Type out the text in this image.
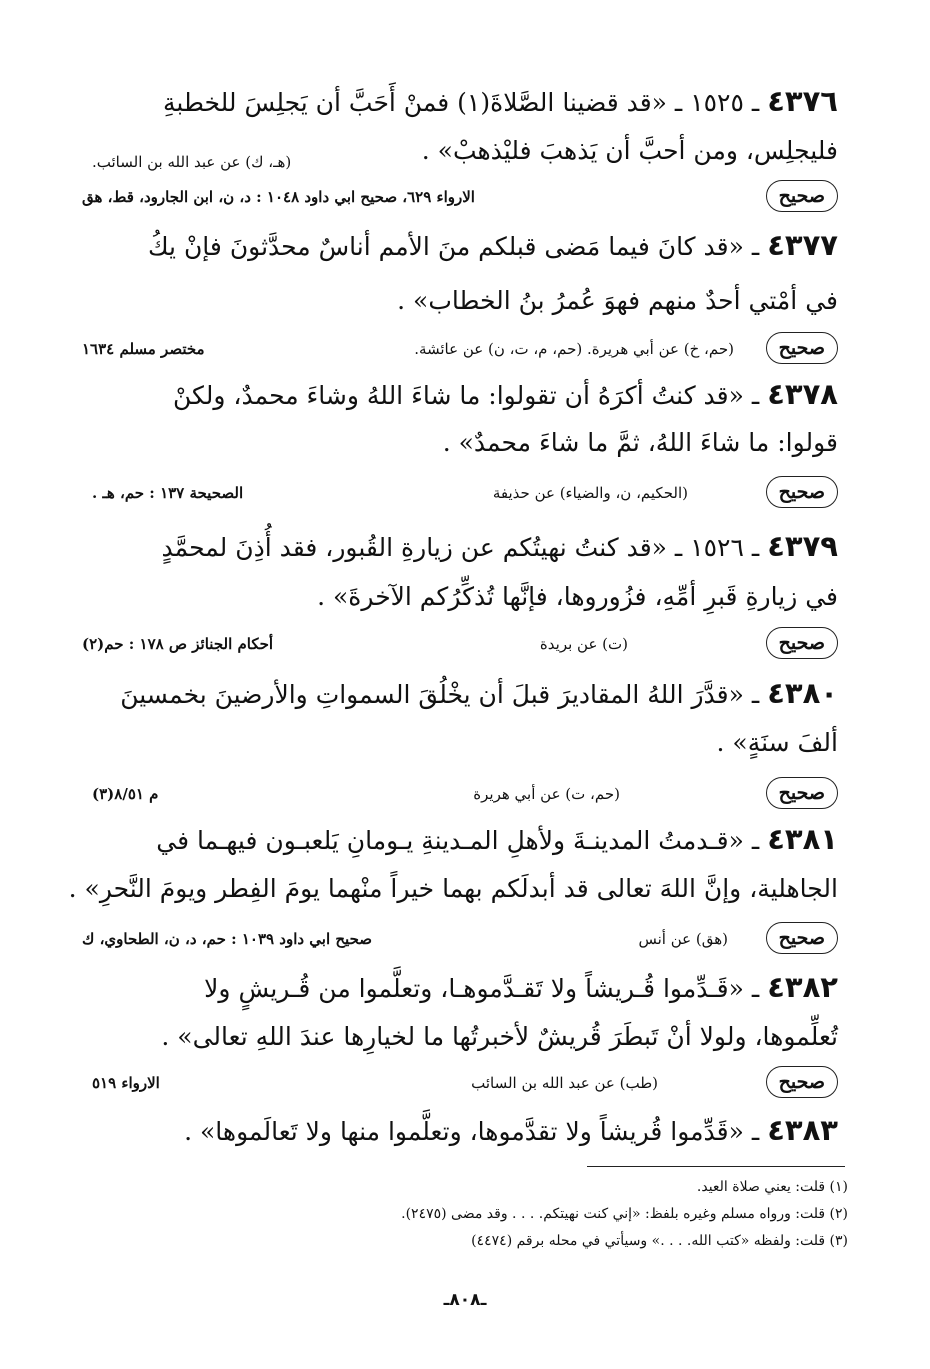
٤٣٧٦ـ ١٥٢٥ ـ «قد قضينا الصَّلاةَ(١) فمنْ أَحَبَّ أن يَجلِسَ للخطبةِ
فليجلِس، ومن أحبَّ أن يَذهبَ فليْذهبْ» .
(هـ، ك) عن عبد الله بن السائب.
صحيح
الارواء ٦٢٩، صحيح ابي داود ١٠٤٨ : د، ن، ابن الجارود، قط، هق
٤٣٧٧ـ «قد كانَ فيما مَضى قبلكم منَ الأمم أناسٌ محدَّثونَ فإنْ يكُ
في أمْتي أحدٌ منهم فهوَ عُمرُ بنُ الخطاب» .
صحيح
(حم، خ) عن أبي هريرة. (حم، م، ت، ن) عن عائشة.
مختصر مسلم ١٦٣٤
٤٣٧٨ـ «قد كنتُ أكرَهُ أن تقولوا: ما شاءَ اللهُ وشاءَ محمدٌ، ولكنْ
قولوا: ما شاءَ اللهُ، ثمَّ ما شاءَ محمدٌ» .
صحيح
(الحكيم، ن، والضياء) عن حذيفة
الصحيحة ١٣٧ : حم، هـ .
٤٣٧٩ـ ١٥٢٦ ـ «قد كنتُ نهيتُكم عن زيارةِ القُبور، فقد أُذِنَ لمحمَّدٍ
في زيارةِ قَبرِ أمِّهِ، فزُوروها، فإنَّها تُذكِّرُكم الآخرةَ» .
صحيح
(ت) عن بريدة
أحكام الجنائز ص ١٧٨ : حم(٢)
٤٣٨٠ـ «قدَّرَ اللهُ المقاديرَ قبلَ أن يخْلُقَ السمواتِ والأرضينَ بخمسينَ
ألفَ سنَةٍ» .
صحيح
(حم، ت) عن أبي هريرة
م ٨/٥١(٣)
٤٣٨١ـ «قـدمتُ المدينـةَ ولأهلِ المـدينةِ يـومانِ يَلعبـون فيهـما في
الجاهلية، وإنَّ اللهَ تعالى قد أبدلَكم بهما خيراً منْهما يومَ الفِطر ويومَ النَّحرِ» .
صحيح
(هق) عن أنس
صحيح ابي داود ١٠٣٩ : حم، د، ن، الطحاوي، ك
٤٣٨٢ـ «قَـدِّموا قُـريشاً ولا تَقـدَّموهـا، وتعلَّموا من قُـريشٍ ولا
تُعلِّموها، ولولا أنْ تَبطَرَ قُريشٌ لأخبرتُها ما لخيارِها عندَ اللهِ تعالى» .
صحيح
(طب) عن عبد الله بن السائب
الارواء ٥١٩
٤٣٨٣ـ «قَدِّموا قُريشاً ولا تقدَّموها، وتعلَّموا منها ولا تَعالَموها» .
(١) قلت: يعني صلاة العيد.
(٢) قلت: ورواه مسلم وغيره بلفظ: «إني كنت نهيتكم. . . . وقد مضى (٢٤٧٥).
(٣) قلت: ولفظه «كتب الله. . . .» وسيأتي في محله برقم (٤٤٧٤)
ـ٨٠٨ـ
